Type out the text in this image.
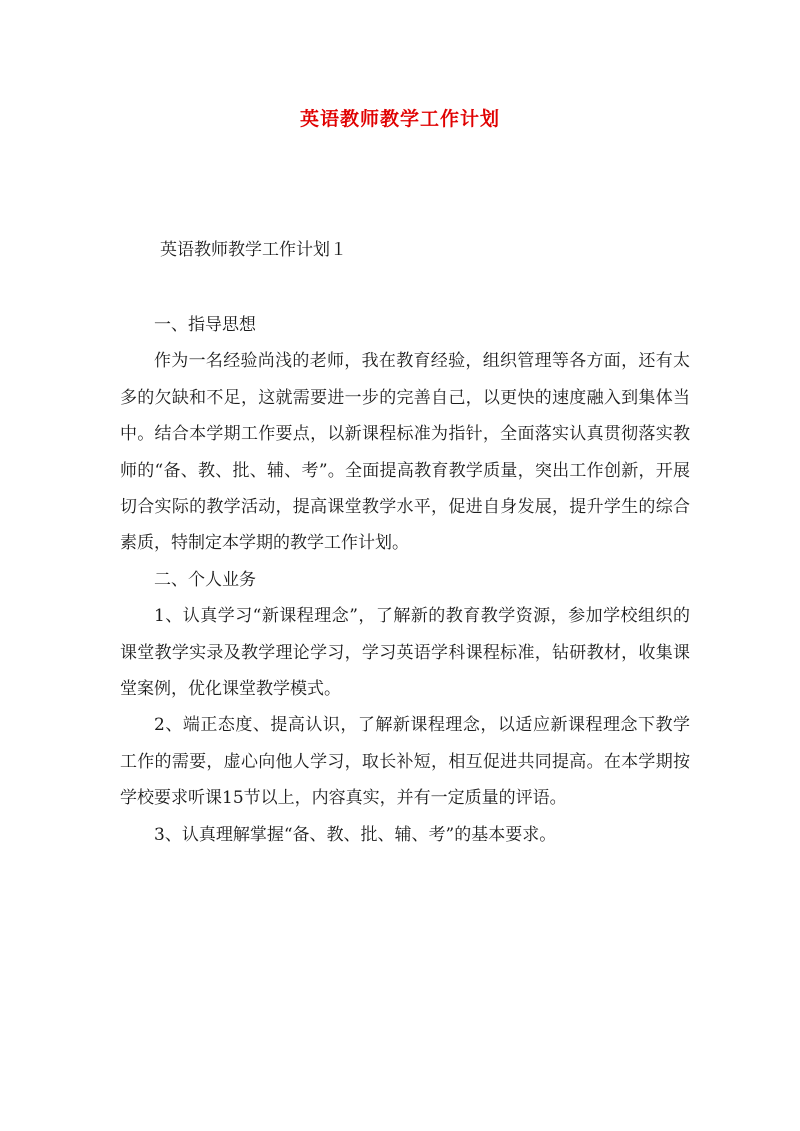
英语教师教学工作计划
英语教师教学工作计划１

一、指导思想

作为一名经验尚浅的老师，我在教育经验，组织管理等各方面，还有太多的欠缺和不足，这就需要进一步的完善自己，以更快的速度融入到集体当中。结合本学期工作要点，以新课程标准为指针，全面落实认真贯彻落实教师的“备、教、批、辅、考”。全面提高教育教学质量，突出工作创新，开展切合实际的教学活动，提高课堂教学水平，促进自身发展，提升学生的综合素质，特制定本学期的教学工作计划。

二、个人业务

1、认真学习“新课程理念”，了解新的教育教学资源，参加学校组织的课堂教学实录及教学理论学习，学习英语学科课程标准，钻研教材，收集课堂案例，优化课堂教学模式。

2、端正态度、提高认识，了解新课程理念，以适应新课程理念下教学工作的需要，虚心向他人学习，取长补短，相互促进共同提高。在本学期按学校要求听课15节以上，内容真实，并有一定质量的评语。

3、认真理解掌握“备、教、批、辅、考”的基本要求。
